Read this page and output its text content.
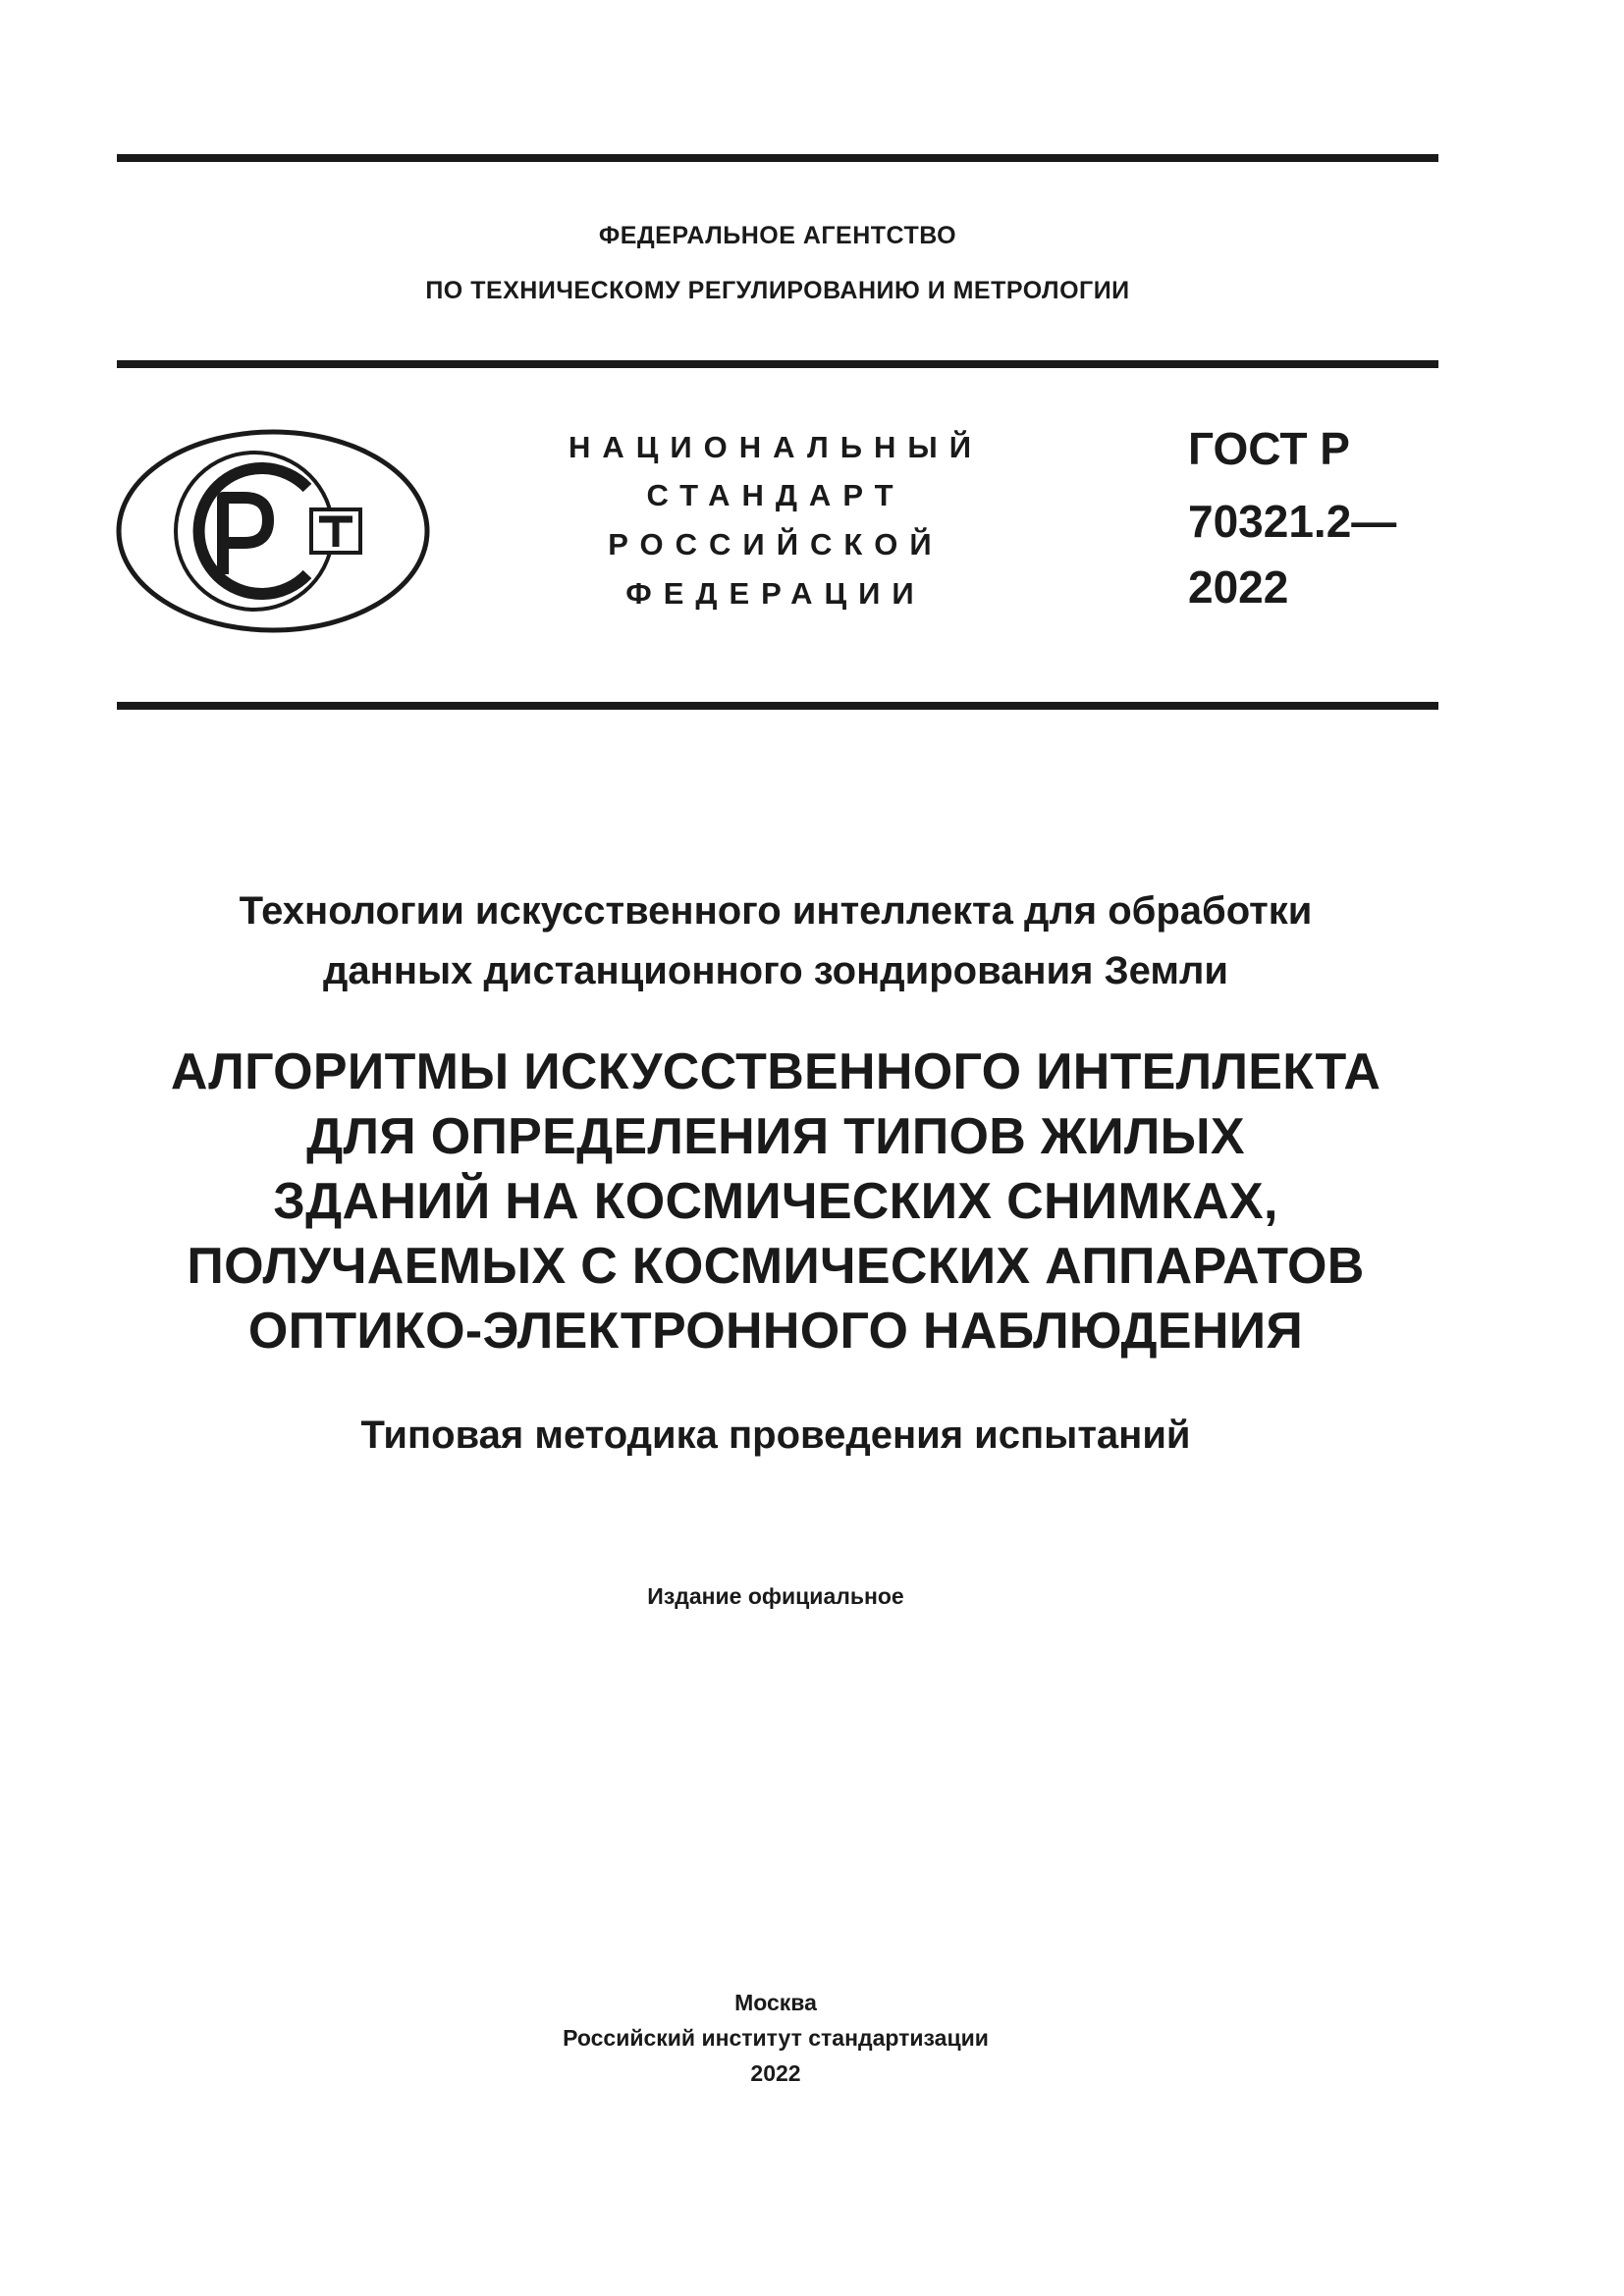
ФЕДЕРАЛЬНОЕ АГЕНТСТВО
ПО ТЕХНИЧЕСКОМУ РЕГУЛИРОВАНИЮ И МЕТРОЛОГИИ
НАЦИОНАЛЬНЫЙ
СТАНДАРТ
РОССИЙСКОЙ
ФЕДЕРАЦИИ
ГОСТ Р
70321.2—
2022
Технологии искусственного интеллекта для обработки
данных дистанционного зондирования Земли
АЛГОРИТМЫ ИСКУССТВЕННОГО ИНТЕЛЛЕКТА
ДЛЯ ОПРЕДЕЛЕНИЯ ТИПОВ ЖИЛЫХ
ЗДАНИЙ НА КОСМИЧЕСКИХ СНИМКАХ,
ПОЛУЧАЕМЫХ С КОСМИЧЕСКИХ АППАРАТОВ
ОПТИКО-ЭЛЕКТРОННОГО НАБЛЮДЕНИЯ
Типовая методика проведения испытаний
Издание официальное
Москва
Российский институт стандартизации
2022
